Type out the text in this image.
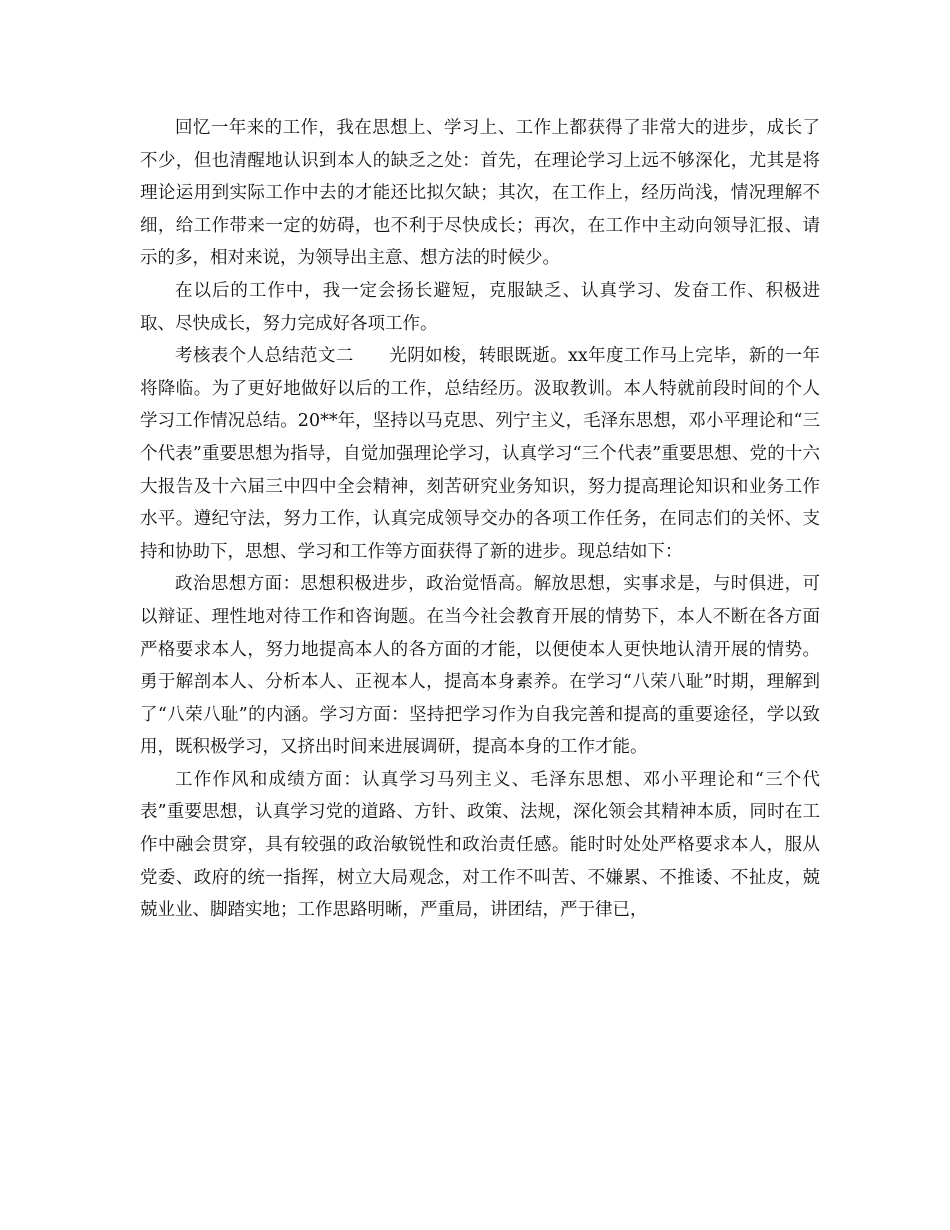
回忆一年来的工作，我在思想上、学习上、工作上都获得了非常大的进步，成长了不少，但也清醒地认识到本人的缺乏之处：首先，在理论学习上远不够深化，尤其是将理论运用到实际工作中去的才能还比拟欠缺；其次，在工作上，经历尚浅，情况理解不细，给工作带来一定的妨碍，也不利于尽快成长；再次，在工作中主动向领导汇报、请示的多，相对来说，为领导出主意、想方法的时候少。

在以后的工作中，我一定会扬长避短，克服缺乏、认真学习、发奋工作、积极进取、尽快成长，努力完成好各项工作。

考核表个人总结范文二　　光阴如梭，转眼既逝。xx年度工作马上完毕，新的一年将降临。为了更好地做好以后的工作，总结经历。汲取教训。本人特就前段时间的个人学习工作情况总结。20**年，坚持以马克思、列宁主义，毛泽东思想，邓小平理论和“三个代表”重要思想为指导，自觉加强理论学习，认真学习“三个代表”重要思想、党的十六大报告及十六届三中四中全会精神，刻苦研究业务知识，努力提高理论知识和业务工作水平。遵纪守法，努力工作，认真完成领导交办的各项工作任务，在同志们的关怀、支持和协助下，思想、学习和工作等方面获得了新的进步。现总结如下：

政治思想方面：思想积极进步，政治觉悟高。解放思想，实事求是，与时俱进，可以辩证、理性地对待工作和咨询题。在当今社会教育开展的情势下，本人不断在各方面严格要求本人，努力地提高本人的各方面的才能，以便使本人更快地认清开展的情势。勇于解剖本人、分析本人、正视本人，提高本身素养。在学习“八荣八耻”时期，理解到了“八荣八耻”的内涵。学习方面：坚持把学习作为自我完善和提高的重要途径，学以致用，既积极学习，又挤出时间来进展调研，提高本身的工作才能。

工作作风和成绩方面：认真学习马列主义、毛泽东思想、邓小平理论和“三个代表”重要思想，认真学习党的道路、方针、政策、法规，深化领会其精神本质，同时在工作中融会贯穿，具有较强的政治敏锐性和政治责任感。能时时处处严格要求本人，服从党委、政府的统一指挥，树立大局观念，对工作不叫苦、不嫌累、不推诿、不扯皮，兢兢业业、脚踏实地；工作思路明晰，严重局，讲团结，严于律已，
